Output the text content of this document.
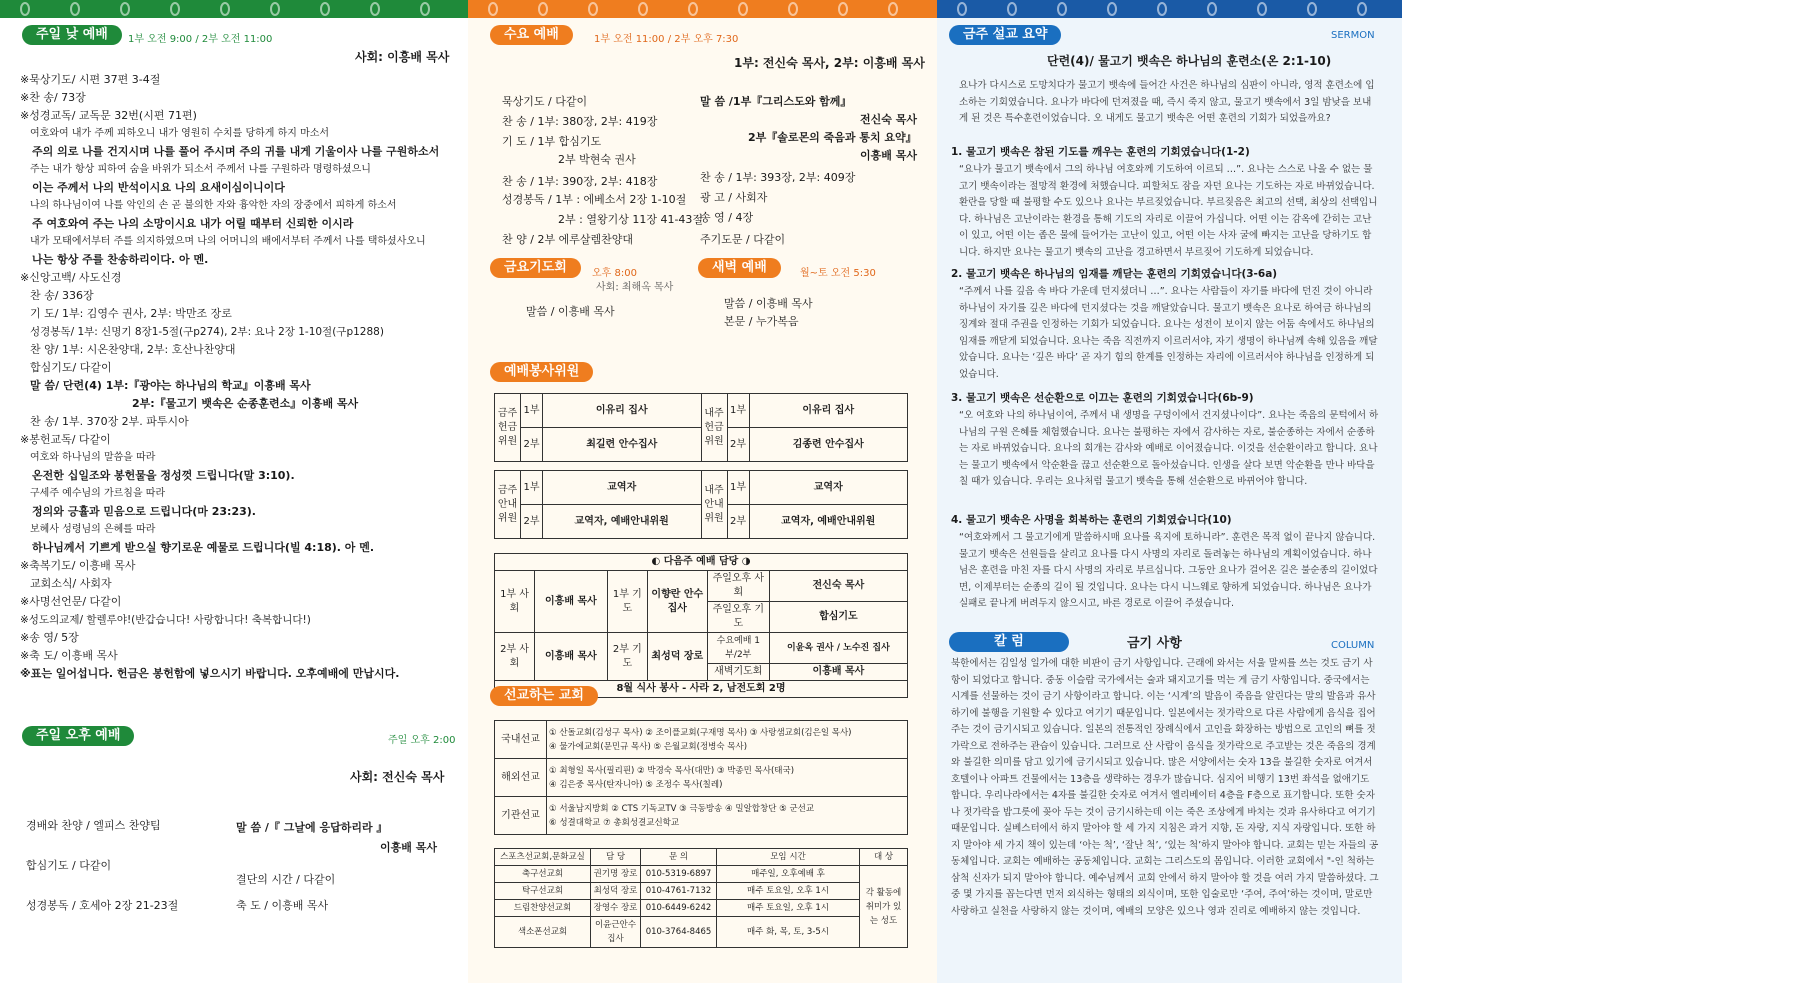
주일 낮 예배	1부 오전 9:00 / 2부 오전 11:00
사회: 이흥배 목사
※묵상기도/ 시편 37편 3-4절
※찬 송/ 73장
※성경교독/ 교독문 32번(시편 71편)
여호와여 내가 주께 피하오니 내가 영원히 수치를 당하게 하지 마소서
주의 의로 나를 건지시며 나를 풀어 주시며 주의 귀를 내게 기울이사 나를 구원하소서
주는 내가 항상 피하여 숨을 바위가 되소서 주께서 나를 구원하라 명령하셨으니
이는 주께서 나의 반석이시요 나의 요새이심이니이다
나의 하나님이여 나를 악인의 손 곧 불의한 자와 흉악한 자의 장중에서 피하게 하소서
주 여호와여 주는 나의 소망이시요 내가 어릴 때부터 신뢰한 이시라
내가 모태에서부터 주를 의지하였으며 나의 어머니의 배에서부터 주께서 나를 택하셨사오니
나는 항상 주를 찬송하리이다. 아 멘.
※신앙고백/ 사도신경
찬 송/ 336장
기 도/ 1부: 김영수 권사, 2부: 박만조 장로
성경봉독/ 1부: 신명기 8장1-5절(구p274), 2부: 요나 2장 1-10절(구p1288)
찬 양/ 1부: 시온찬양대, 2부: 호산나찬양대
합심기도/ 다같이
말 씀/ 단련(4) 1부:『광야는 하나님의 학교』이흥배 목사
2부:『물고기 뱃속은 순종훈련소』이흥배 목사
찬 송/ 1부. 370장 2부. 파투시아
※봉헌교독/ 다같이
여호와 하나님의 말씀을 따라
온전한 십일조와 봉헌물을 정성껏 드립니다(말 3:10).
구세주 예수님의 가르침을 따라
정의와 긍휼과 믿음으로 드립니다(마 23:23).
보혜사 성령님의 은혜를 따라
하나님께서 기쁘게 받으실 향기로운 예물로 드립니다(빌 4:18). 아 멘.
※축복기도/ 이흥배 목사
교회소식/ 사회자
※사명선언문/ 다같이
※성도의교제/ 할렐루야!(반갑습니다! 사랑합니다! 축복합니다!)
※송 영/ 5장
※축 도/ 이흥배 목사
※표는 일어섭니다. 헌금은 봉헌함에 넣으시기 바랍니다. 오후예배에 만납시다.
주일 오후 예배	주일 오후 2:00
사회: 전신숙 목사
경배와 찬양 / 엘피스 찬양팀
합심기도 / 다같이
성경봉독 / 호세아 2장 21-23절
말 씀 /『 그날에 응답하리라 』
이흥배 목사
결단의 시간 / 다같이
축 도 / 이흥배 목사
수요 예배	1부 오전 11:00 / 2부 오후 7:30
1부: 전신숙 목사, 2부: 이흥배 목사
묵상기도 / 다같이
찬 송 / 1부: 380장, 2부: 419장
기 도 / 1부 합심기도
2부 박현숙 권사
찬 송 / 1부: 390장, 2부: 418장
성경봉독 / 1부 : 에베소서 2장 1-10절
2부 : 열왕기상 11장 41-43절
찬 양 / 2부 에루살렘찬양대
말 씀 /1부『그리스도와 함께』
전신숙 목사
2부『솔로몬의 죽음과 통치 요약』
이흥배 목사
찬 송 / 1부: 393장, 2부: 409장
광 고 / 사회자
송 영 / 4장
주기도문 / 다같이
금요기도회	오후 8:00
사회: 최해옥 목사
말씀 / 이흥배 목사
새벽 예배	월~토 오전 5:30
말씀 / 이흥배 목사
본문 / 누가복음
예배봉사위원
금주 헌금 위원	1부	이유리 집사	내주 헌금 위원	1부	이유리 집사
	2부	최길련 안수집사		2부	김종련 안수집사
금주 안내 위원	1부	교역자	내주 안내 위원	1부	교역자
	2부	교역자, 예배안내위원		2부	교역자, 예배안내위원
◐ 다음주 예배 담당 ◑					
1부 사회	이흥배 목사	1부 기도	이향란 안수집사	주일오후 사회	전신숙 목사
				주일오후 기도	합심기도
2부 사회	이흥배 목사	2부 기도	최성덕 장로	수요예배 1부/2부	이윤옥 권사 / 노수진 집사
				새벽기도회	이흥배 목사
8월 식사 봉사 - 사라 2, 남전도회 2명					
선교하는 교회
국내선교	① 산돌교회(김성구 목사) ② 조이플교회(구재명 목사) ③ 사랑샘교회(김은일 목사)
④ 물가에교회(문민규 목사) ⑤ 은월교회(정병숙 목사)

해외선교	① 최형일 목사(필리핀) ② 박경숙 목사(대만) ③ 박종민 목사(태국)
④ 김은중 목사(탄자니아) ⑤ 조정수 목사(칠레)

기관선교	① 서울남지방회 ② CTS 기독교TV ③ 극동방송 ④ 밀알합창단 ⑤ 군선교
⑥ 성결대학교 ⑦ 총회성결교신학교
스포츠선교회,문화교실	담 당	문 의	모임 시간	대 상
축구선교회	권기명 장로	010-5319-6897	매주일, 오후예배 후	각 활동에 취미가 있는 성도
탁구선교회	최성덕 장로	010-4761-7132	매주 토요일, 오후 1시	
드림찬양선교회	장영수 장로	010-6449-6242	매주 토요일, 오후 1시	
색소폰선교회	이윤근안수집사	010-3764-8465	매주 화, 목, 토, 3-5시	
금주 설교 요약	SERMON
단련(4)/ 물고기 뱃속은 하나님의 훈련소(온 2:1-10)
요나가 다시스로 도망치다가 물고기 뱃속에 들어간 사건은 하나님의 심판이 아니라, 영적 훈련소에 입소하는 기회였습니다. 요나가 바다에 던져졌을 때, 즉시 죽지 않고, 물고기 뱃속에서 3일 밤낮을 보내게 된 것은 특수훈련이었습니다. 오 내게도 물고기 뱃속은 어떤 훈련의 기회가 되었을까요?
1. 물고기 뱃속은 참된 기도를 깨우는 훈련의 기회였습니다(1-2)
“요나가 물고기 뱃속에서 그의 하나님 여호와께 기도하여 이르되 …”. 요나는 스스로 나올 수 없는 물고기 뱃속이라는 절망적 환경에 처했습니다. 피할처도 잠을 자던 요나는 기도하는 자로 바뀌었습니다. 환란을 당할 때 불평할 수도 있으나 요나는 부르짖었습니다. 부르짖음은 최고의 선택, 최상의 선택입니다. 하나님은 고난이라는 환경을 통해 기도의 자리로 이끌어 가십니다. 어떤 이는 감옥에 갇히는 고난이 있고, 어떤 이는 좁은 물에 들어가는 고난이 있고, 어떤 이는 사자 굴에 빠지는 고난을 당하기도 합니다. 하지만 요나는 물고기 뱃속의 고난을 경고하면서 부르짖어 기도하게 되었습니다.
2. 물고기 뱃속은 하나님의 임재를 깨닫는 훈련의 기회였습니다(3-6a)
“주께서 나를 깊음 속 바다 가운데 던지셨더니 …”. 요나는 사람들이 자기를 바다에 던진 것이 아니라 하나님이 자기를 깊은 바다에 던지셨다는 것을 깨달았습니다. 물고기 뱃속은 요나로 하여금 하나님의 징계와 절대 주권을 인정하는 기회가 되었습니다. 요나는 성전이 보이지 않는 어둠 속에서도 하나님의 임재를 깨닫게 되었습니다. 요나는 죽음 직전까지 이르러서야, 자기 생명이 하나님께 속해 있음을 깨달았습니다. 요나는 ‘깊은 바다’ 곧 자기 힘의 한계를 인정하는 자리에 이르러서야 하나님을 인정하게 되었습니다.
3. 물고기 뱃속은 선순환으로 이끄는 훈련의 기회였습니다(6b-9)
“오 여호와 나의 하나님이여, 주께서 내 생명을 구덩이에서 건지셨나이다”. 요나는 죽음의 문턱에서 하나님의 구원 은혜를 체험했습니다. 요나는 불평하는 자에서 감사하는 자로, 불순종하는 자에서 순종하는 자로 바뀌었습니다. 요나의 회개는 감사와 예배로 이어졌습니다. 이것을 선순환이라고 합니다. 요나는 물고기 뱃속에서 악순환을 끊고 선순환으로 돌아섰습니다. 인생을 살다 보면 악순환을 만나 바닥을 칠 때가 있습니다. 우리는 요나처럼 물고기 뱃속을 통해 선순환으로 바뀌어야 합니다.
4. 물고기 뱃속은 사명을 회복하는 훈련의 기회였습니다(10)
“여호와께서 그 물고기에게 말씀하시매 요나를 육지에 토하니라”. 훈련은 목적 없이 끝나지 않습니다. 물고기 뱃속은 선원들을 살리고 요나를 다시 사명의 자리로 돌려놓는 하나님의 계획이었습니다. 하나님은 훈련을 마친 자를 다시 사명의 자리로 부르십니다. 그동안 요나가 걸어온 길은 불순종의 길이었다면, 이제부터는 순종의 길이 될 것입니다. 요나는 다시 니느웨로 향하게 되었습니다. 하나님은 요나가 실패로 끝나게 버려두지 않으시고, 바른 경로로 이끌어 주셨습니다.
칼 럼	금기 사항	COLUMN
북한에서는 김일성 일가에 대한 비판이 금기 사항입니다. 근래에 와서는 서울 말씨를 쓰는 것도 금기 사항이 되었다고 합니다. 중동 이슬람 국가에서는 술과 돼지고기를 먹는 게 금기 사항입니다. 중국에서는 시계를 선물하는 것이 금기 사항이라고 합니다. 이는 ‘시계’의 발음이 죽음을 알린다는 말의 발음과 유사하기에 불행을 기원할 수 있다고 여기기 때문입니다. 일본에서는 젓가락으로 다른 사람에게 음식을 집어 주는 것이 금기시되고 있습니다. 일본의 전통적인 장례식에서 고인을 화장하는 방법으로 고인의 뼈를 젓가락으로 전하주는 관습이 있습니다. 그러므로 산 사람이 음식을 젓가락으로 주고받는 것은 죽음의 경계와 불길한 의미를 담고 있기에 금기시되고 있습니다. 많은 서양에서는 숫자 13을 불길한 숫자로 여겨서 호텔이나 아파트 건물에서는 13층을 생략하는 경우가 많습니다. 심지어 비행기 13번 좌석을 없애기도 합니다. 우리나라에서는 4자를 불길한 숫자로 여겨서 엘리베이터 4층을 F층으로 표기합니다. 또한 숫자나 젓가락을 밥그릇에 꽂아 두는 것이 금기시하는데 이는 죽은 조상에게 바치는 것과 유사하다고 여기기 때문입니다. 실베스터에서 하지 말아야 할 세 가지 지침은 과거 지향, 돈 자랑, 지식 자랑입니다. 또한 하지 말아야 세 가지 책이 있는데 ‘아는 척’, ‘잘난 척’, ‘있는 척’하지 말아야 합니다. 교회는 믿는 자들의 공동체입니다. 교회는 예배하는 공동체입니다. 교회는 그리스도의 몸입니다. 이러한 교회에서 "-인 척하는 삼척 신자가 되지 말아야 합니다. 예수님께서 교회 안에서 하지 말아야 할 것을 여러 가지 말씀하셨다. 그중 몇 가지를 꼽는다면 먼저 외식하는 형태의 외식이며, 또한 입술로만 ‘주여, 주여’하는 것이며, 말로만 사랑하고 실천을 사랑하지 않는 것이며, 예배의 모양은 있으나 영과 진리로 예배하지 않는 것입니다.
